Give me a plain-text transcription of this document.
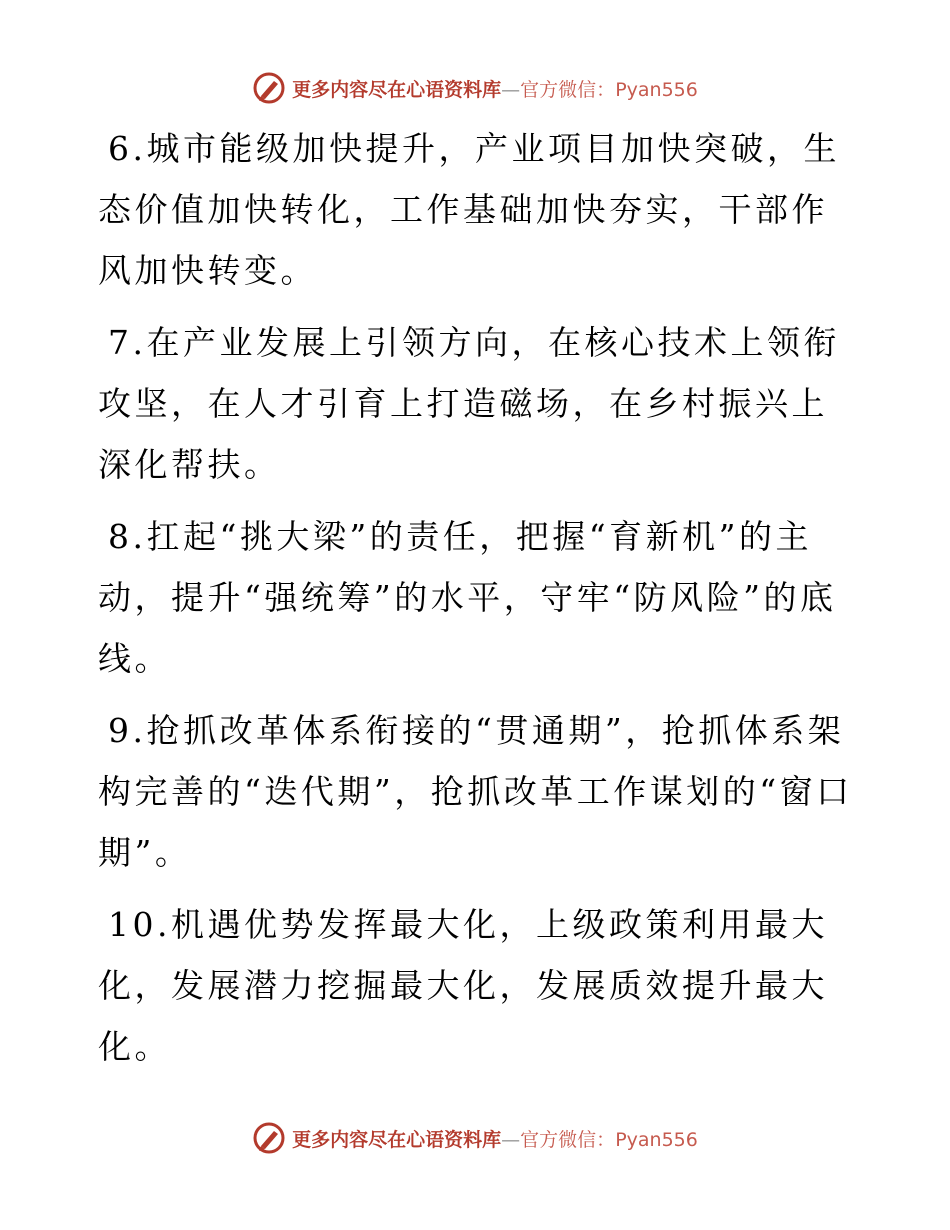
更多内容尽在心语资料库—官方微信：Pyan556

6.城市能级加快提升，产业项目加快突破，生态价值加快转化，工作基础加快夯实，干部作风加快转变。

7.在产业发展上引领方向，在核心技术上领衔攻坚，在人才引育上打造磁场，在乡村振兴上深化帮扶。

8.扛起“挑大梁”的责任，把握“育新机”的主动，提升“强统筹”的水平，守牢“防风险”的底线。

9.抢抓改革体系衔接的“贯通期”，抢抓体系架构完善的“迭代期”，抢抓改革工作谋划的“窗口期”。

10.机遇优势发挥最大化，上级政策利用最大化，发展潜力挖掘最大化，发展质效提升最大化。

更多内容尽在心语资料库—官方微信：Pyan556
